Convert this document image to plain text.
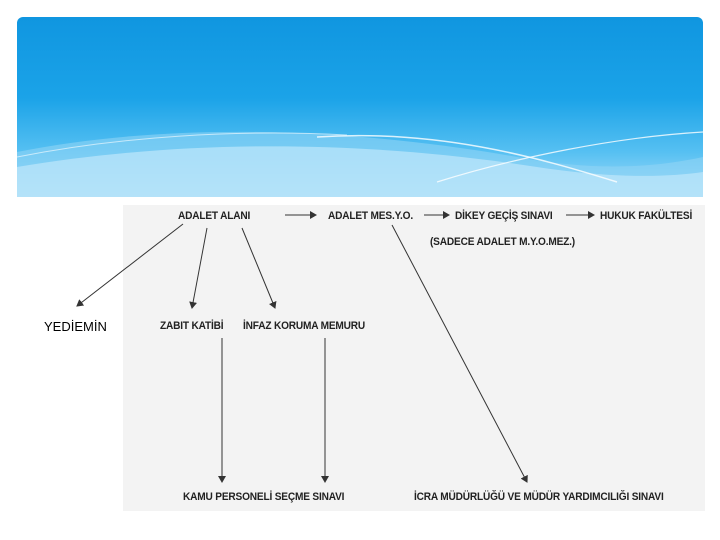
YEDİEMİN
ADALET ALANI	ADALET MES.Y.O.	DİKEY GEÇİŞ SINAVI
(SADECE ADALET M.Y.O.MEZ.)
HUKUK FAKÜLTESİ
ZABIT KATİBİ İNFAZ KORUMA MEMURU
KAMU PERSONELİ SEÇME SINAVI	İCRA MÜDÜRLÜĞÜ VE MÜDÜR YARDIMCILIĞI SINAVI
